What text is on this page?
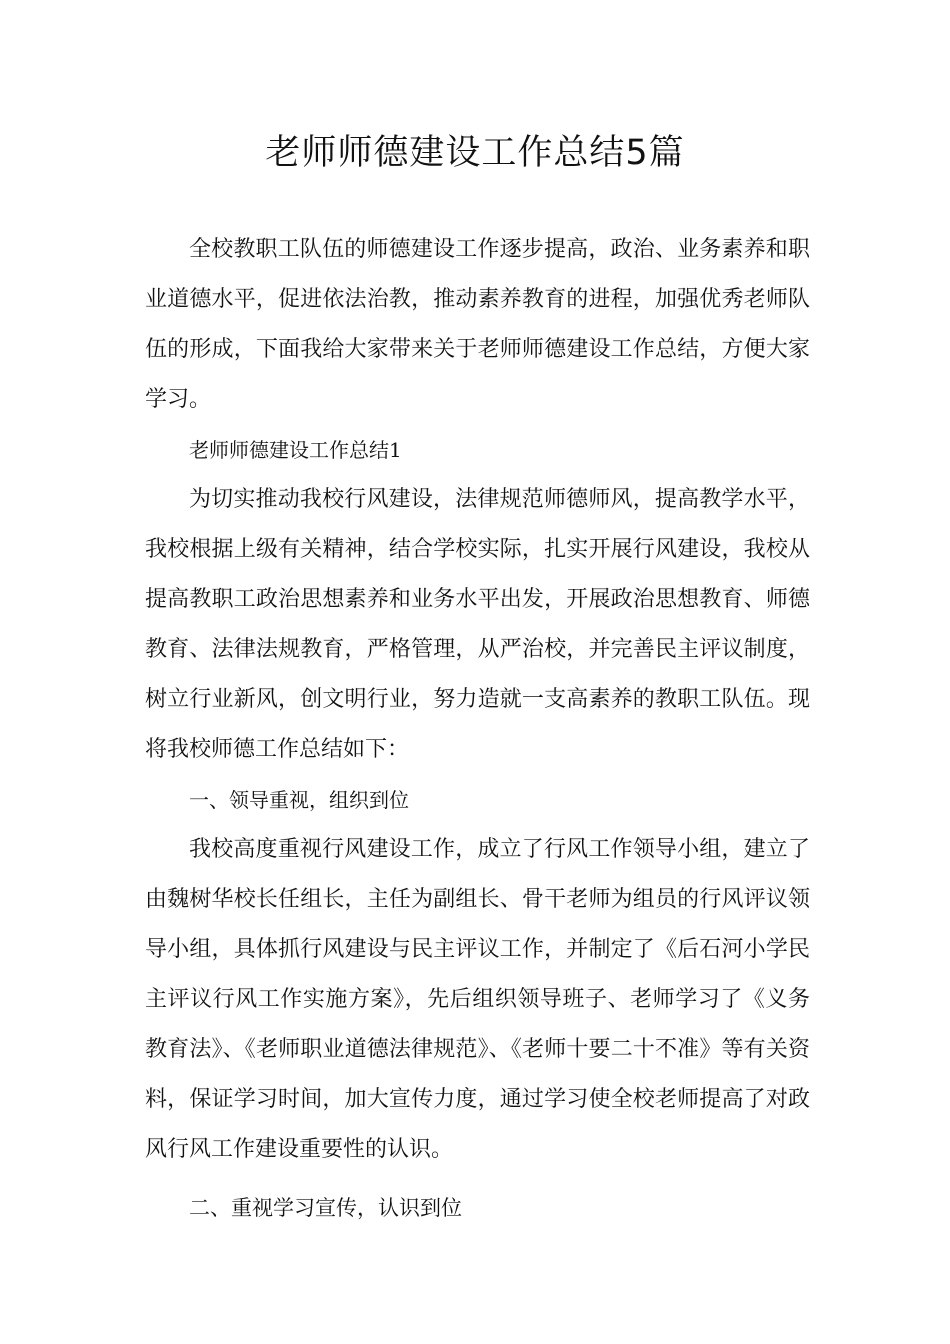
老师师德建设工作总结5篇

全校教职工队伍的师德建设工作逐步提高，政治、业务素养和职业道德水平，促进依法治教，推动素养教育的进程，加强优秀老师队伍的形成，下面我给大家带来关于老师师德建设工作总结，方便大家学习。

老师师德建设工作总结1

为切实推动我校行风建设，法律规范师德师风，提高教学水平，我校根据上级有关精神，结合学校实际，扎实开展行风建设，我校从提高教职工政治思想素养和业务水平出发，开展政治思想教育、师德教育、法律法规教育，严格管理，从严治校，并完善民主评议制度，树立行业新风，创文明行业，努力造就一支高素养的教职工队伍。现将我校师德工作总结如下：

一、领导重视，组织到位

我校高度重视行风建设工作，成立了行风工作领导小组，建立了由魏树华校长任组长，主任为副组长、骨干老师为组员的行风评议领导小组，具体抓行风建设与民主评议工作，并制定了《后石河小学民主评议行风工作实施方案》，先后组织领导班子、老师学习了《义务教育法》、《老师职业道德法律规范》、《老师十要二十不准》等有关资料，保证学习时间，加大宣传力度，通过学习使全校老师提高了对政风行风工作建设重要性的认识。

二、重视学习宣传，认识到位
